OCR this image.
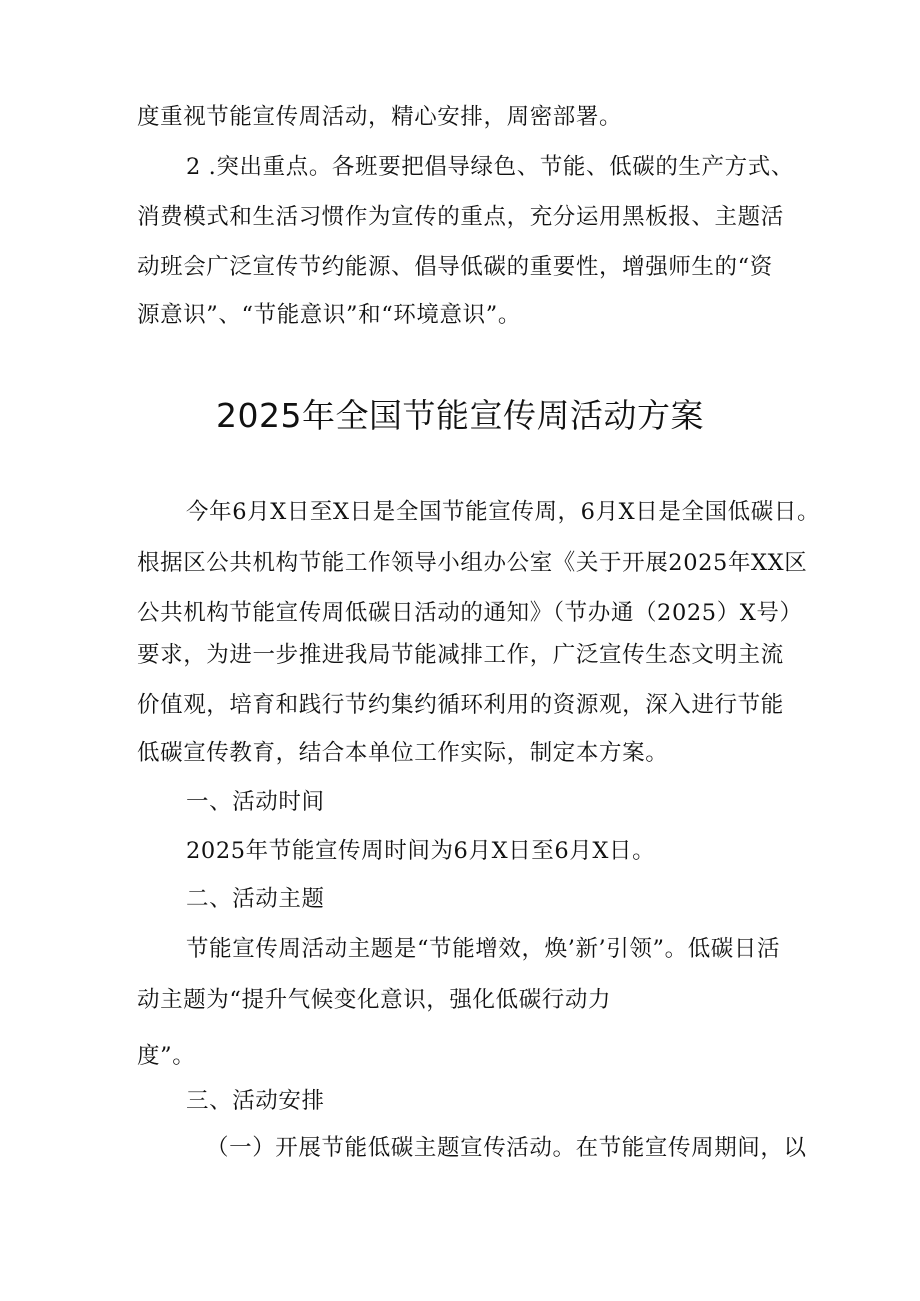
度重视节能宣传周活动，精心安排，周密部署。
2 .突出重点。各班要把倡导绿色、节能、低碳的生产方式、
消费模式和生活习惯作为宣传的重点，充分运用黑板报、主题活
动班会广泛宣传节约能源、倡导低碳的重要性，增强师生的“资
源意识”、“节能意识”和“环境意识”。
2025年全国节能宣传周活动方案
今年6月X日至X日是全国节能宣传周，6月X日是全国低碳日。
根据区公共机构节能工作领导小组办公室《关于开展2025年XX区
公共机构节能宣传周低碳日活动的通知》（节办通（2025）X号）
要求，为进一步推进我局节能减排工作，广泛宣传生态文明主流
价值观，培育和践行节约集约循环利用的资源观，深入进行节能
低碳宣传教育，结合本单位工作实际，制定本方案。
一、活动时间
2025年节能宣传周时间为6月X日至6月X日。
二、活动主题
节能宣传周活动主题是“节能增效，焕’新’引领”。低碳日活
动主题为“提升气候变化意识，强化低碳行动力
度”。
三、活动安排
（一）开展节能低碳主题宣传活动。在节能宣传周期间，以
